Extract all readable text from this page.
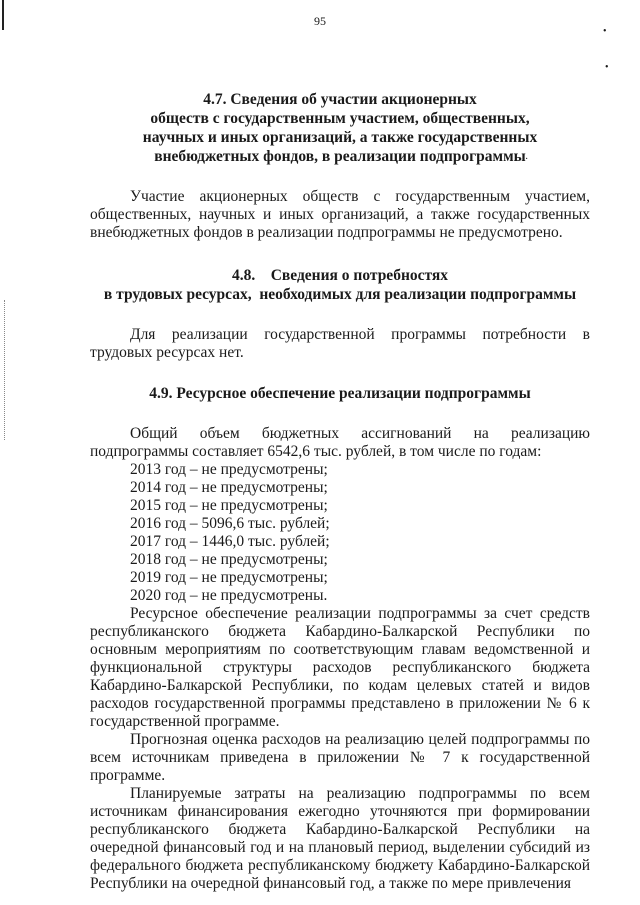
•
•
·
95
4.7. Сведения об участии акционерных
обществ с государственным участием, общественных,
научных и иных организаций, а также государственных
внебюджетных фондов, в реализации подпрограммы

Участие акционерных обществ с государственным участием, общественных, научных и иных организаций, а также государственных внебюджетных фондов в реализации подпрограммы не предусмотрено.

4.8.    Сведения о потребностях
в трудовых ресурсах,  необходимых для реализации подпрограммы

Для реализации государственной программы потребности в трудовых ресурсах нет.

4.9. Ресурсное обеспечение реализации подпрограммы

Общий объем бюджетных ассигнований на реализацию подпрограммы составляет 6542,6 тыс. рублей, в том числе по годам:

2013 год – не предусмотрены;
2014 год – не предусмотрены;
2015 год – не предусмотрены;
2016 год – 5096,6 тыс. рублей;
2017 год – 1446,0 тыс. рублей;
2018 год – не предусмотрены;
2019 год – не предусмотрены;
2020 год – не предусмотрены.

Ресурсное обеспечение реализации подпрограммы за счет средств республиканского бюджета Кабардино-Балкарской Республики по основным мероприятиям по соответствующим главам ведомственной и функциональной структуры расходов республиканского бюджета Кабардино-Балкарской Республики, по кодам целевых статей и видов расходов государственной программы представлено в приложении № 6 к государственной программе.

Прогнозная оценка расходов на реализацию целей подпрограммы по всем источникам приведена в приложении № 7 к государственной программе.

Планируемые затраты на реализацию подпрограммы по всем источникам финансирования ежегодно уточняются при формировании республиканского бюджета Кабардино-Балкарской Республики на очередной финансовый год и на плановый период, выделении субсидий из федерального бюджета республиканскому бюджету Кабардино-Балкарской Республики на очередной финансовый год, а также по мере привлечения
